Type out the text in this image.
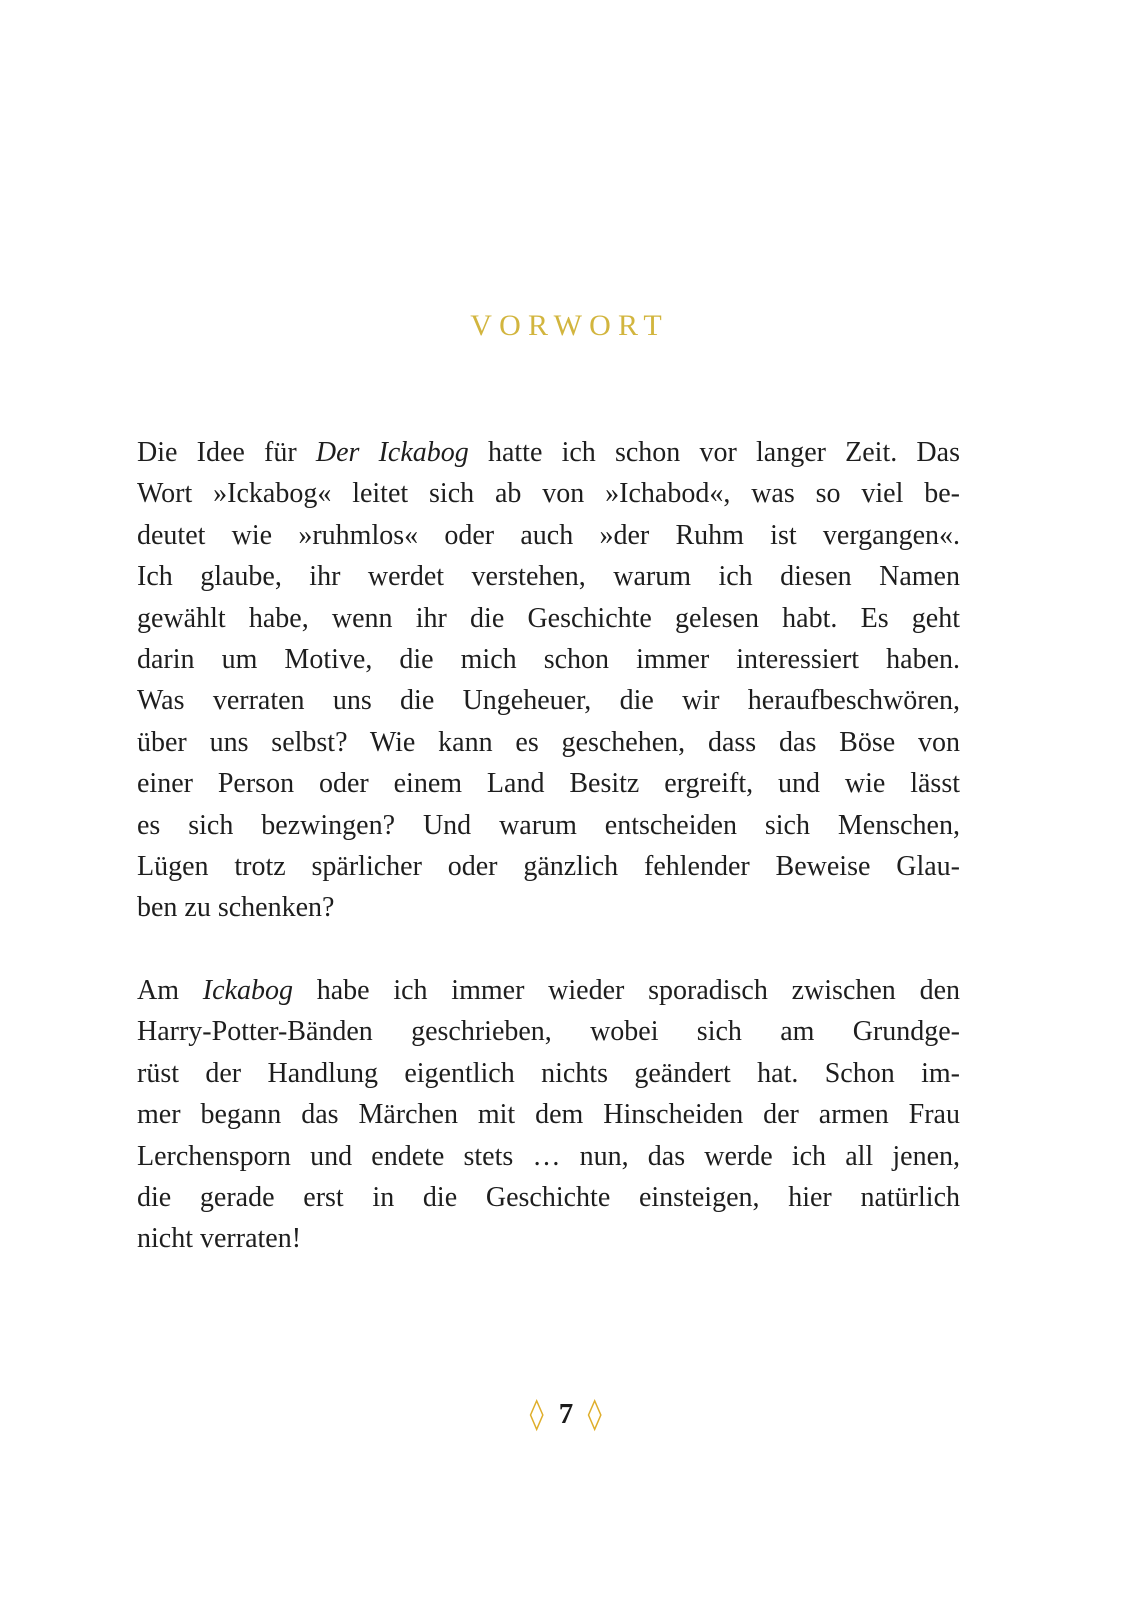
VORWORT
Die Idee für Der Ickabog hatte ich schon vor langer Zeit. Das
Wort »Ickabog« leitet sich ab von »Ichabod«, was so viel be-
deutet wie »ruhmlos« oder auch »der Ruhm ist vergangen«.
Ich glaube, ihr werdet verstehen, warum ich diesen Namen
gewählt habe, wenn ihr die Geschichte gelesen habt. Es geht
darin um Motive, die mich schon immer interessiert haben.
Was verraten uns die Ungeheuer, die wir heraufbeschwören,
über uns selbst? Wie kann es geschehen, dass das Böse von
einer Person oder einem Land Besitz ergreift, und wie lässt
es sich bezwingen? Und warum entscheiden sich Menschen,
Lügen trotz spärlicher oder gänzlich fehlender Beweise Glau-
ben zu schenken?
Am Ickabog habe ich immer wieder sporadisch zwischen den
Harry-Potter-Bänden geschrieben, wobei sich am Grundge-
rüst der Handlung eigentlich nichts geändert hat. Schon im-
mer begann das Märchen mit dem Hinscheiden der armen Frau
Lerchensporn und endete stets … nun, das werde ich all jenen,
die gerade erst in die Geschichte einsteigen, hier natürlich
nicht verraten!
◊ 7 ◊
